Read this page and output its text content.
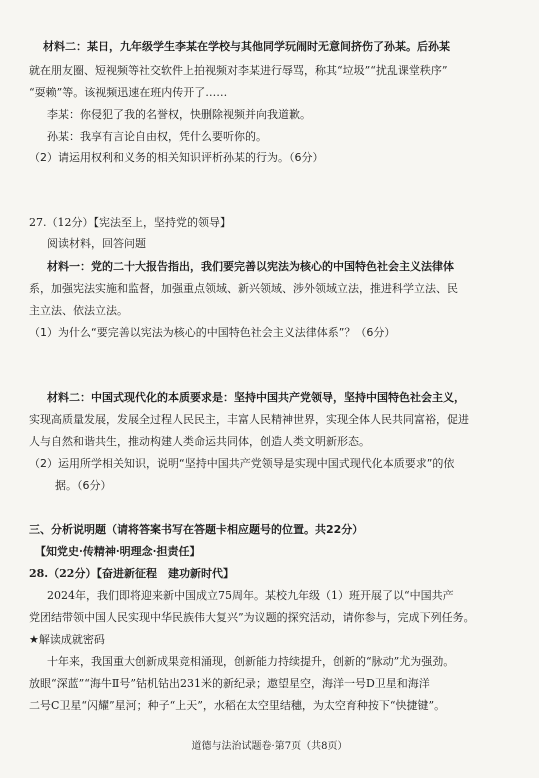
材料二：某日，九年级学生李某在学校与其他同学玩闹时无意间挤伤了孙某。后孙某
就在朋友圈、短视频等社交软件上拍视频对李某进行辱骂，称其“垃圾”“扰乱课堂秩序”
“耍赖”等。该视频迅速在班内传开了……
李某：你侵犯了我的名誉权，快删除视频并向我道歉。
孙某：我享有言论自由权，凭什么要听你的。
（2）请运用权利和义务的相关知识评析孙某的行为。（6分）
27.（12分）【宪法至上，坚持党的领导】
阅读材料，回答问题
材料一：党的二十大报告指出，我们要完善以宪法为核心的中国特色社会主义法律体
系，加强宪法实施和监督，加强重点领域、新兴领域、涉外领域立法，推进科学立法、民
主立法、依法立法。
（1）为什么“要完善以宪法为核心的中国特色社会主义法律体系”？（6分）
材料二：中国式现代化的本质要求是：坚持中国共产党领导，坚持中国特色社会主义，
实现高质量发展，发展全过程人民民主，丰富人民精神世界，实现全体人民共同富裕，促进
人与自然和谐共生，推动构建人类命运共同体，创造人类文明新形态。
（2）运用所学相关知识，说明“坚持中国共产党领导是实现中国式现代化本质要求”的依
据。（6分）
三、分析说明题（请将答案书写在答题卡相应题号的位置。共22分）
【知党史·传精神·明理念·担责任】
28.（22分）【奋进新征程　建功新时代】
2024年，我们即将迎来新中国成立75周年。某校九年级（1）班开展了以“中国共产
党团结带领中国人民实现中华民族伟大复兴”为议题的探究活动，请你参与，完成下列任务。
★解读成就密码
十年来，我国重大创新成果竞相涌现，创新能力持续提升，创新的“脉动”尤为强劲。
放眼“深蓝”“海牛Ⅱ号”钻机钻出231米的新纪录；遨望星空，海洋一号D卫星和海洋
二号C卫星“闪耀”星河；种子“上天”，水稻在太空里结穗，为太空育种按下“快捷键”。
道德与法治试题卷·第7页（共8页）
